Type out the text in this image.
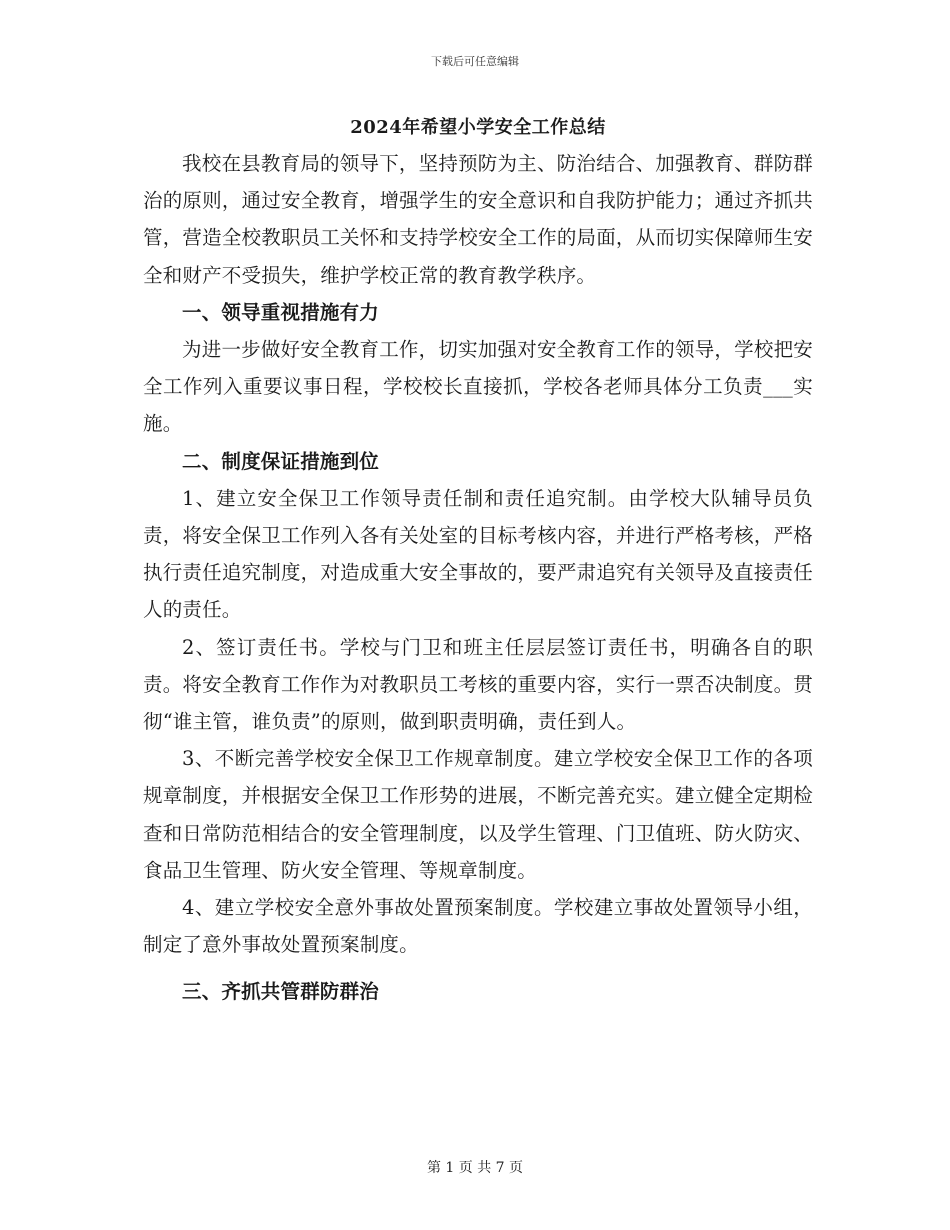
下载后可任意编辑
2024年希望小学安全工作总结

我校在县教育局的领导下，坚持预防为主、防治结合、加强教育、群防群治的原则，通过安全教育，增强学生的安全意识和自我防护能力；通过齐抓共管，营造全校教职员工关怀和支持学校安全工作的局面，从而切实保障师生安全和财产不受损失，维护学校正常的教育教学秩序。

一、领导重视措施有力

为进一步做好安全教育工作，切实加强对安全教育工作的领导，学校把安全工作列入重要议事日程，学校校长直接抓，学校各老师具体分工负责___实施。

二、制度保证措施到位

1、建立安全保卫工作领导责任制和责任追究制。由学校大队辅导员负责，将安全保卫工作列入各有关处室的目标考核内容，并进行严格考核，严格执行责任追究制度，对造成重大安全事故的，要严肃追究有关领导及直接责任人的责任。

2、签订责任书。学校与门卫和班主任层层签订责任书，明确各自的职责。将安全教育工作作为对教职员工考核的重要内容，实行一票否决制度。贯彻“谁主管，谁负责”的原则，做到职责明确，责任到人。

3、不断完善学校安全保卫工作规章制度。建立学校安全保卫工作的各项规章制度，并根据安全保卫工作形势的进展，不断完善充实。建立健全定期检查和日常防范相结合的安全管理制度，以及学生管理、门卫值班、防火防灾、食品卫生管理、防火安全管理、等规章制度。

4、建立学校安全意外事故处置预案制度。学校建立事故处置领导小组，制定了意外事故处置预案制度。

三、齐抓共管群防群治

第 1 页 共 7 页
